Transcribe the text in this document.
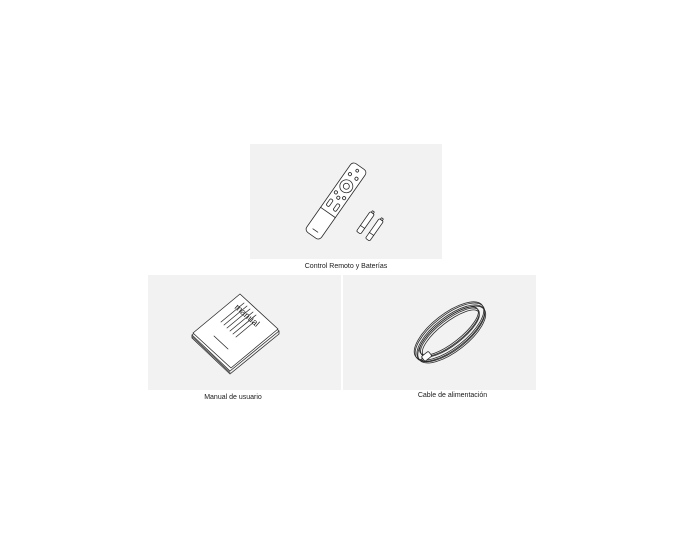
Control Remoto y Baterías
manual
Manual de usuario	Cable de alimentación
